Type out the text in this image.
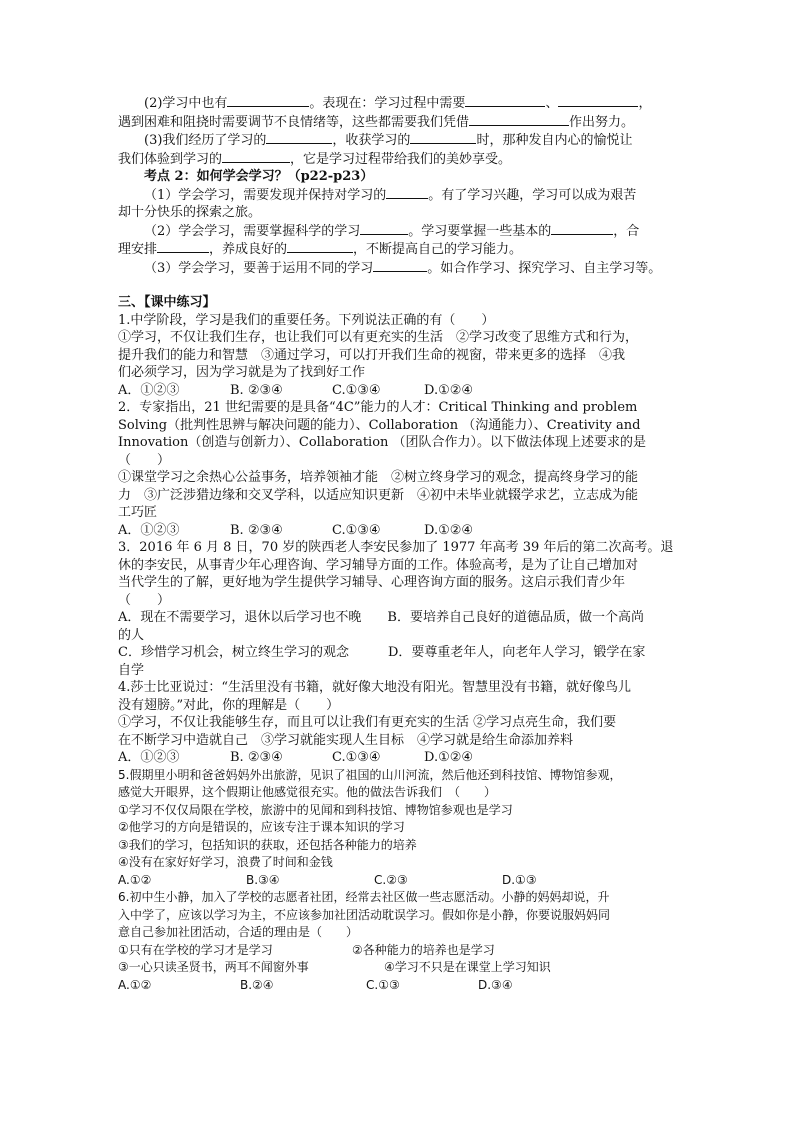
(2)学习中也有	。表现在：学习过程中需要	、	，
遇到困难和阻挠时需要调节不良情绪等，这些都需要我们凭借	作出努力。
(3)我们经历了学习的	，收获学习的	时，那种发自内心的愉悦让
我们体验到学习的	，它是学习过程带给我们的美妙享受。
考点 2：如何学会学习？（p22-p23）
（1）学会学习，需要发现并保持对学习的	。有了学习兴趣，学习可以成为艰苦
却十分快乐的探索之旅。
（2）学会学习，需要掌握科学的学习	。学习要掌握一些基本的	，合
理安排	，养成良好的	，不断提高自己的学习能力。
（3）学会学习，要善于运用不同的学习	。如合作学习、探究学习、自主学习等。
三、【课中练习】
1.中学阶段，学习是我们的重要任务。下列说法正确的有（　　）
①学习，不仅让我们生存，也让我们可以有更充实的生活　②学习改变了思维方式和行为，
提升我们的能力和智慧　③通过学习，可以打开我们生命的视窗，带来更多的选择　④我
们必须学习，因为学习就是为了找到好工作
A．①②③	B. ②③④	C.①③④	D.①②④
2．专家指出，21 世纪需要的是具备“4C”能力的人才：Critical Thinking and problem
Solving（批判性思辨与解决问题的能力）、Collaboration （沟通能力）、Creativity and
Innovation（创造与创新力）、Collaboration （团队合作力）。以下做法体现上述要求的是
（　　）
①课堂学习之余热心公益事务，培养领袖才能　②树立终身学习的观念，提高终身学习的能
力　③广泛涉猎边缘和交叉学科，以适应知识更新　④初中未毕业就辍学求艺，立志成为能
工巧匠
A．①②③	B. ②③④	C.①③④	D.①②④
3．2016 年 6 月 8 日，70 岁的陕西老人李安民参加了 1977 年高考 39 年后的第二次高考。退
休的李安民，从事青少年心理咨询、学习辅导方面的工作。体验高考，是为了让自己增加对
当代学生的了解，更好地为学生提供学习辅导、心理咨询方面的服务。这启示我们青少年
（　　）
A．现在不需要学习，退休以后学习也不晚　　B．要培养自己良好的道德品质，做一个高尚
的人
C．珍惜学习机会，树立终生学习的观念　　　D．要尊重老年人，向老年人学习，锻学在家
自学
4.莎士比亚说过：“生活里没有书籍，就好像大地没有阳光。智慧里没有书籍，就好像鸟儿
没有翅膀。”对此，你的理解是（　　）
①学习，不仅让我能够生存，而且可以让我们有更充实的生活 ②学习点亮生命，我们要
在不断学习中造就自己　③学习就能实现人生目标　④学习就是给生命添加养料
A．①②③	B. ②③④	C.①③④	D.①②④
5.假期里小明和爸爸妈妈外出旅游，见识了祖国的山川河流，然后他还到科技馆、博物馆参观，
感觉大开眼界，这个假期让他感觉很充实。他的做法告诉我们　（　　）
①学习不仅仅局限在学校，旅游中的见闻和到科技馆、博物馆参观也是学习
②他学习的方向是错误的，应该专注于课本知识的学习
③我们的学习，包括知识的获取，还包括各种能力的培养
④没有在家好好学习，浪费了时间和金钱
A.①②	B.③④	C.②③	D.①③
6.初中生小静，加入了学校的志愿者社团，经常去社区做一些志愿活动。小静的妈妈却说，升
入中学了，应该以学习为主，不应该参加社团活动耽误学习。假如你是小静，你要说服妈妈同
意自己参加社团活动，合适的理由是（　　）
①只有在学校的学习才是学习	②各种能力的培养也是学习
③一心只读圣贤书，两耳不闻窗外事	④学习不只是在课堂上学习知识
A.①②	B.②④	C.①③	D.③④
